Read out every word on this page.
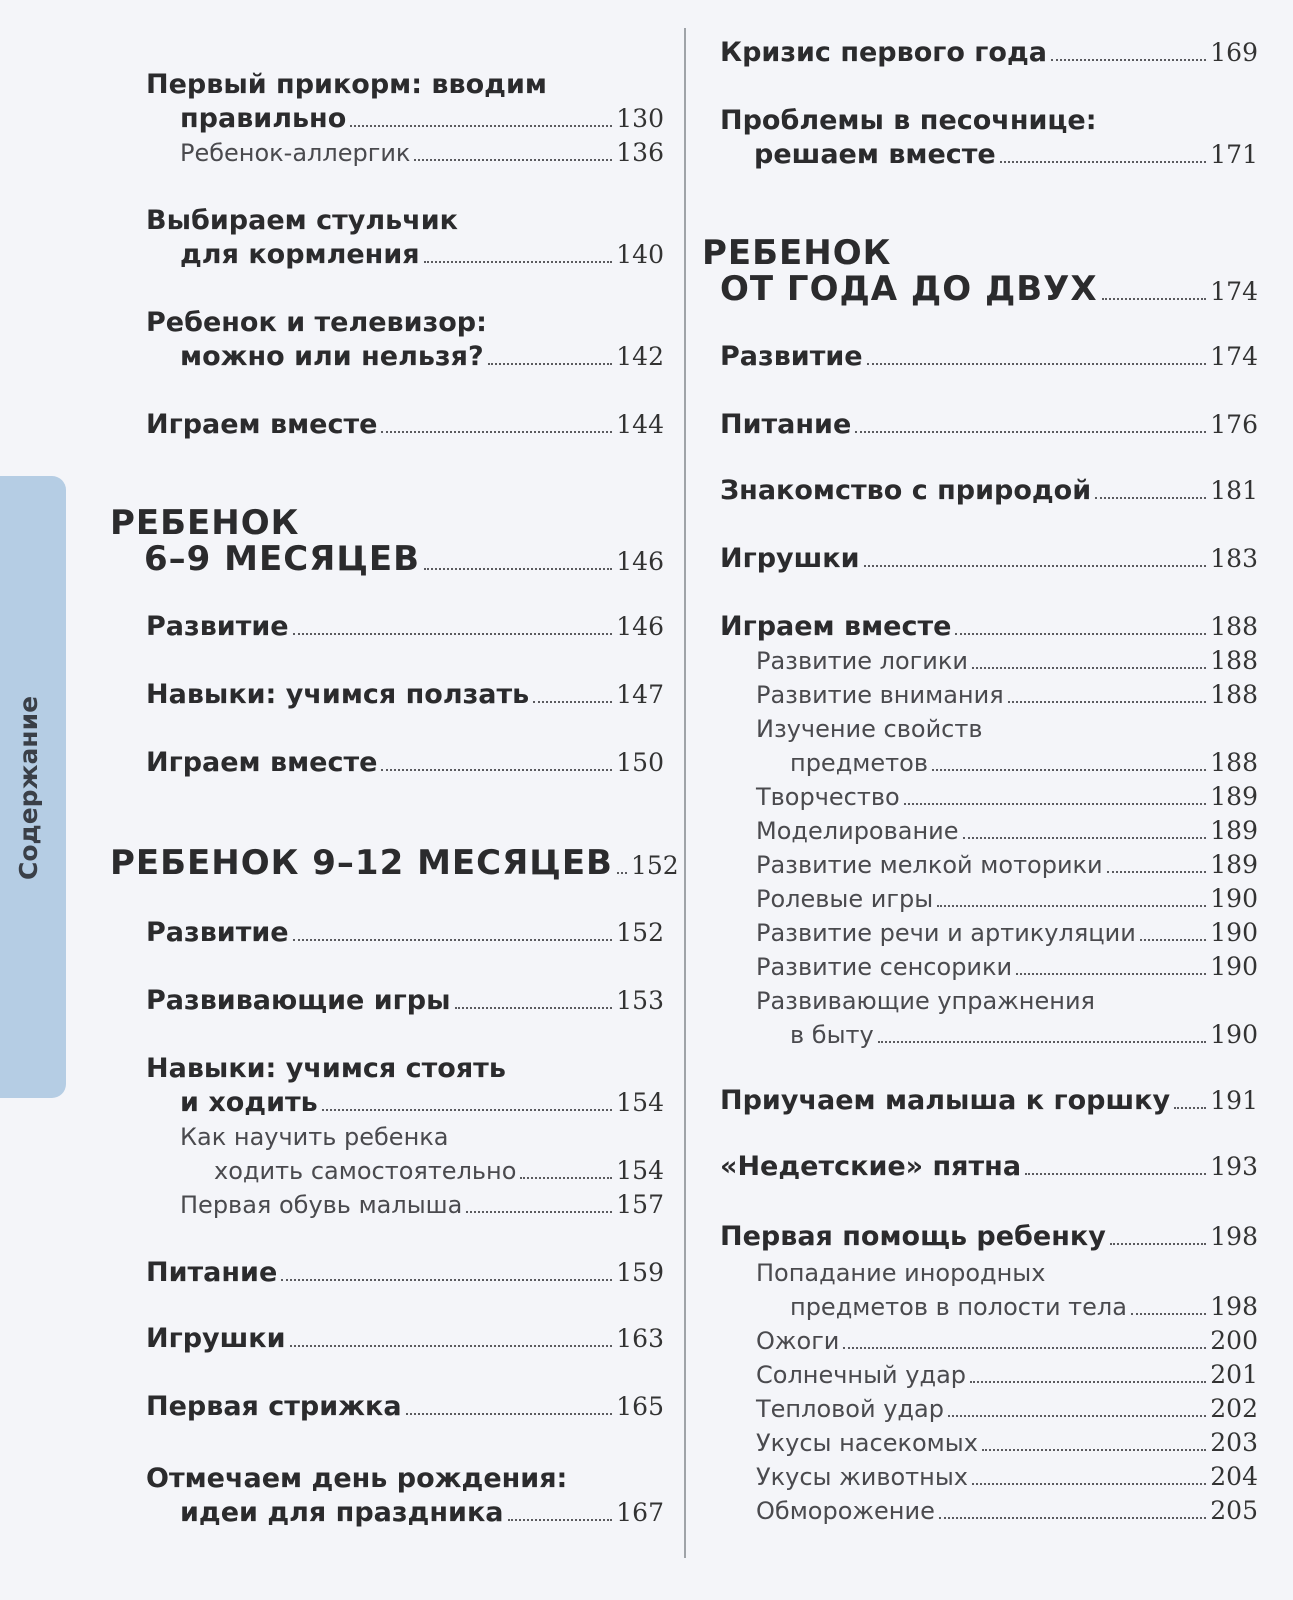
Содержание
Первый прикорм: вводим
правильно	130
Ребенок-аллергик	136
Выбираем стульчик
для кормления	140
Ребенок и телевизор:
можно или нельзя?	142
Играем вместе	144
РЕБЕНОК
6–9 МЕСЯЦЕВ	146
Развитие	146
Навыки: учимся ползать	147
Играем вместе	150
РЕБЕНОК 9–12 МЕСЯЦЕВ 152
Развитие	152
Развивающие игры	153
Навыки: учимся стоять
и ходить	154
Как научить ребенка
ходить самостоятельно	154
Первая обувь малыша	157
Питание	159
Игрушки	163
Первая стрижка	165
Отмечаем день рождения:
идеи для праздника	167
Кризис первого года	169
Проблемы в песочнице:
решаем вместе	171
РЕБЕНОК
ОТ ГОДА ДО ДВУХ	174
Развитие	174
Питание	176
Знакомство с природой	181
Игрушки	183
Играем вместе	188
Развитие логики	188
Развитие внимания	188
Изучение свойств
предметов	188
Творчество	189
Моделирование	189
Развитие мелкой моторики	189
Ролевые игры	190
Развитие речи и артикуляции	190
Развитие сенсорики	190
Развивающие упражнения
в быту	190
Приучаем малыша к горшку 191
«Недетские» пятна	193
Первая помощь ребенку	198
Попадание инородных
предметов в полости тела	198
Ожоги	200
Солнечный удар	201
Тепловой удар	202
Укусы насекомых	203
Укусы животных	204
Обморожение	205
